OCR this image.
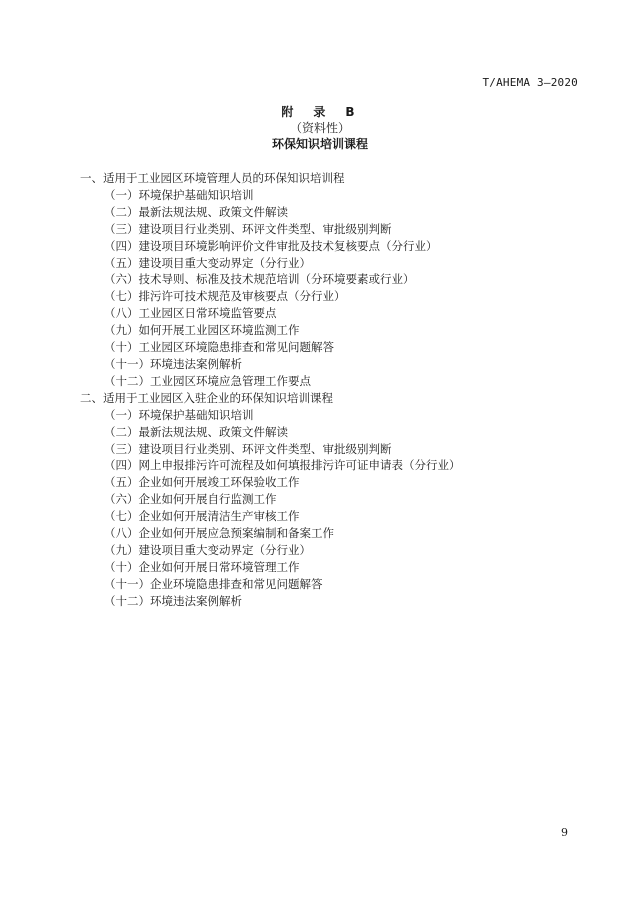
T/AHEMA 3—2020
附　录　B
（资料性）
环保知识培训课程
一、适用于工业园区环境管理人员的环保知识培训程
（一）环境保护基础知识培训
（二）最新法规法规、政策文件解读
（三）建设项目行业类别、环评文件类型、审批级别判断
（四）建设项目环境影响评价文件审批及技术复核要点（分行业）
（五）建设项目重大变动界定（分行业）
（六）技术导则、标准及技术规范培训（分环境要素或行业）
（七）排污许可技术规范及审核要点（分行业）
（八）工业园区日常环境监管要点
（九）如何开展工业园区环境监测工作
（十）工业园区环境隐患排查和常见问题解答
（十一）环境违法案例解析
（十二）工业园区环境应急管理工作要点
二、适用于工业园区入驻企业的环保知识培训课程
（一）环境保护基础知识培训
（二）最新法规法规、政策文件解读
（三）建设项目行业类别、环评文件类型、审批级别判断
（四）网上申报排污许可流程及如何填报排污许可证申请表（分行业）
（五）企业如何开展竣工环保验收工作
（六）企业如何开展自行监测工作
（七）企业如何开展清洁生产审核工作
（八）企业如何开展应急预案编制和备案工作
（九）建设项目重大变动界定（分行业）
（十）企业如何开展日常环境管理工作
（十一）企业环境隐患排查和常见问题解答
（十二）环境违法案例解析
9
